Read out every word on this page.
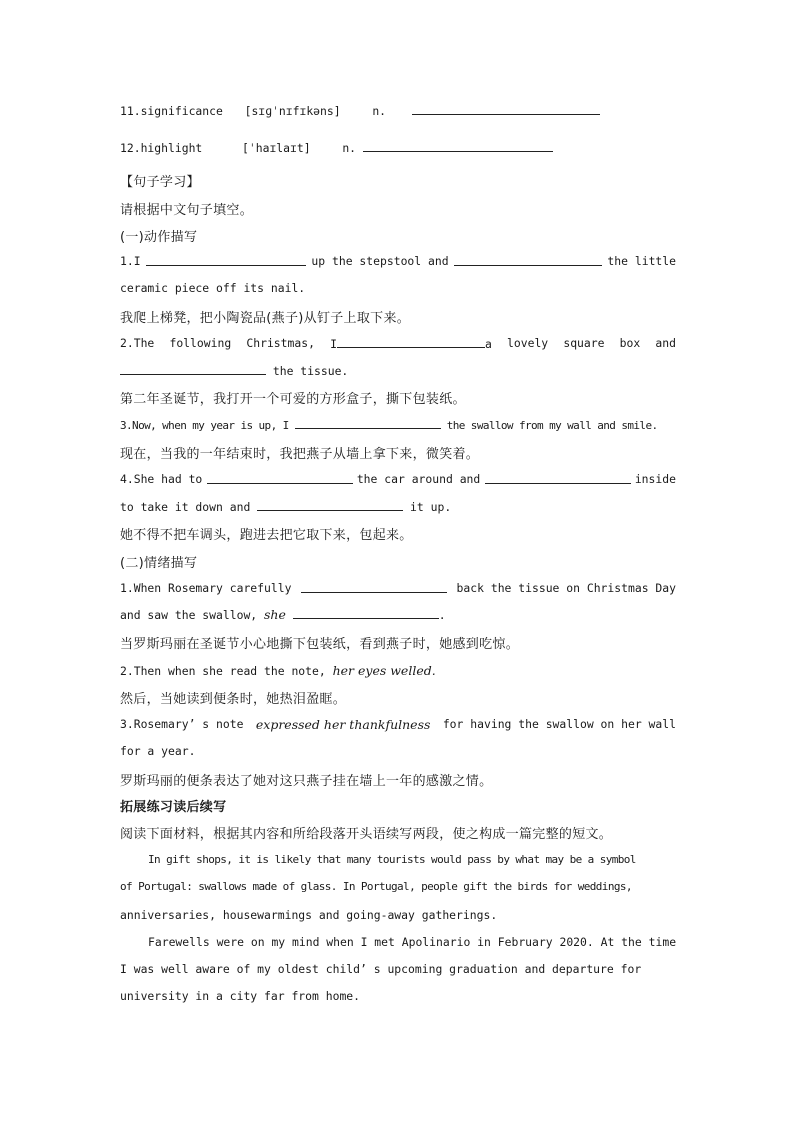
11.significance [sɪɡˈnɪfɪkəns]	n.
12.highlight	[ˈhaɪlaɪt]	n.
【句子学习】
请根据中文句子填空。
(一)动作描写
1.I	up the stepstool and	the little
ceramic piece off its nail.
我爬上梯凳，把小陶瓷品(燕子)从钉子上取下来。
2.The following Christmas, I	a lovely square box and
the tissue.
第二年圣诞节，我打开一个可爱的方形盒子，撕下包装纸。
3.Now, when my year is up, I	the swallow from my wall and smile.
现在，当我的一年结束时，我把燕子从墙上拿下来，微笑着。
4.She had to	the car around and	inside
to take it down and	it up.
她不得不把车调头，跑进去把它取下来，包起来。
(二)情绪描写
1.When Rosemary carefully	back the tissue on Christmas Day
and saw the swallow, she	.
当罗斯玛丽在圣诞节小心地撕下包装纸，看到燕子时，她感到吃惊。
2.Then when she read the note, her eyes welled.
然后，当她读到便条时，她热泪盈眶。
3.Rosemary’ s note expressed her thankfulness for having the swallow on her wall
for a year.
罗斯玛丽的便条表达了她对这只燕子挂在墙上一年的感激之情。
拓展练习读后续写
阅读下面材料，根据其内容和所给段落开头语续写两段，使之构成一篇完整的短文。
In gift shops, it is likely that many tourists would pass by what may be a symbol
of Portugal: swallows made of glass. In Portugal, people gift the birds for weddings,
anniversaries, housewarmings and going-away gatherings.
Farewells were on my mind when I met Apolinario in February 2020. At the time
I was well aware of my oldest child’ s upcoming graduation and departure for
university in a city far from home.
